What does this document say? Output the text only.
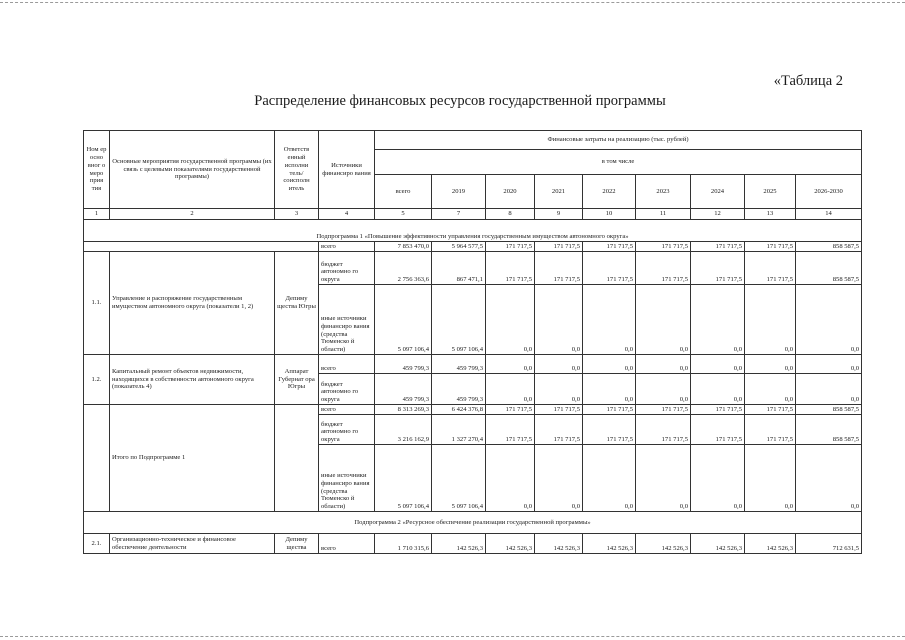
«Таблица 2
Распределение финансовых ресурсов государственной программы
Ном ер осно вног о меро прия тия	Основные мероприятия государственной программы (их связь с целевыми показателями государственной программы)	Ответств енный исполни тель/ соисполн итель	Источники финансиро вания	Финансовые затраты на реализацию (тыс. рублей)								
				в том числе								
				всего	2019	2020	2021	2022	2023	2024	2025	2026-2030
1	2	3	4	5	7	8	9	10	11	12	13	14
Подпрограмма 1 «Повышение эффективности управления государственным имуществом автономного округа»												
			всего	7 853 470,0	5 964 577,5	171 717,5	171 717,5	171 717,5	171 717,5	171 717,5	171 717,5	858 587,5
1.1.	Управление и распоряжение государственным имуществом автономного округа (показатели 1, 2)	Депиму щества Югры	бюджет автономно го округа	2 756 363,6	867 471,1	171 717,5	171 717,5	171 717,5	171 717,5	171 717,5	171 717,5	858 587,5
			иные источники финансиро вания (средства Тюменско й области)	5 097 106,4	5 097 106,4	0,0	0,0	0,0	0,0	0,0	0,0	0,0
1.2.	Капитальный ремонт объектов недвижимости, находящихся в собственности автономного округа (показатель 4)	Аппарат Губернат ора Югры	всего	459 799,3	459 799,3	0,0	0,0	0,0	0,0	0,0	0,0	0,0
			бюджет автономно го округа	459 799,3	459 799,3	0,0	0,0	0,0	0,0	0,0	0,0	0,0
	Итого по Подпрограмме 1		всего	8 313 269,3	6 424 376,8	171 717,5	171 717,5	171 717,5	171 717,5	171 717,5	171 717,5	858 587,5
			бюджет автономно го округа	3 216 162,9	1 327 270,4	171 717,5	171 717,5	171 717,5	171 717,5	171 717,5	171 717,5	858 587,5
			иные источники финансиро вания (средства Тюменско й области)	5 097 106,4	5 097 106,4	0,0	0,0	0,0	0,0	0,0	0,0	0,0
Подпрограмма 2 «Ресурсное обеспечение реализации государственной программы»												
2.1.	Организационно-техническое и финансовое обеспечение деятельности	Депиму щества	всего	1 710 315,6	142 526,3	142 526,3	142 526,3	142 526,3	142 526,3	142 526,3	142 526,3	712 631,5
